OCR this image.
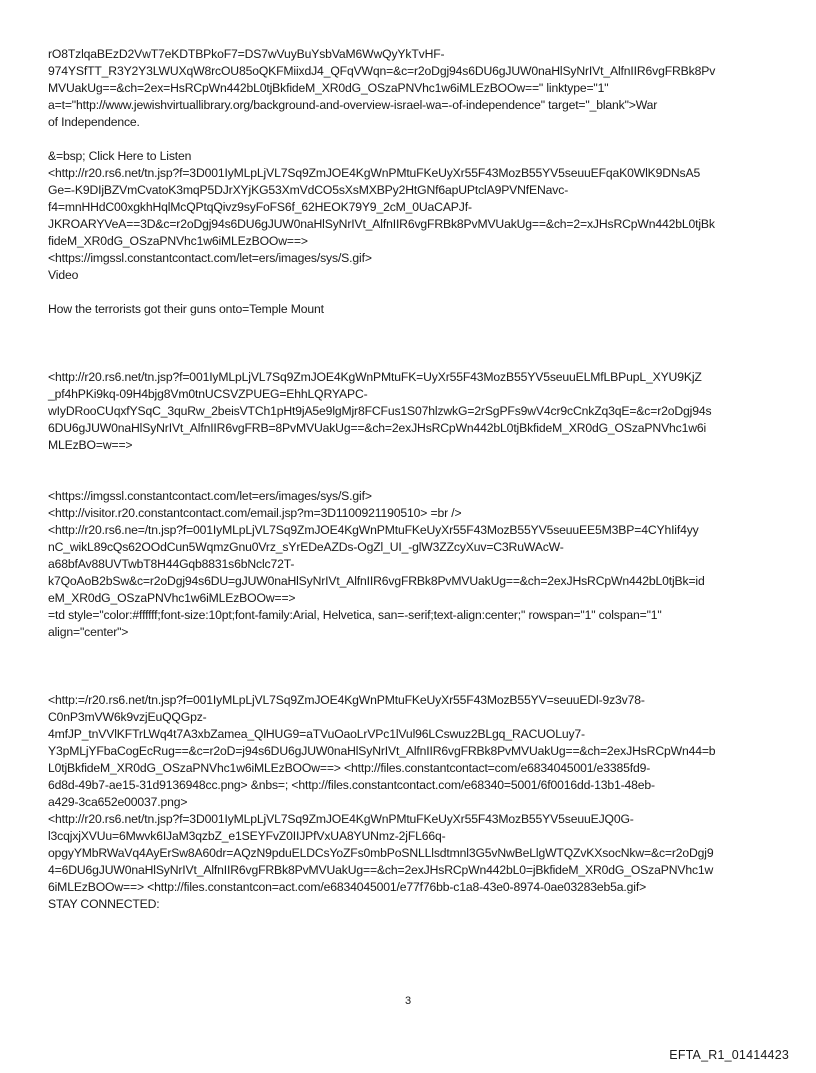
rO8TzlqaBEzD2VwT7eKDTBPkoF7=DS7wVuyBuYsbVaM6WwQyYkTvHF-
974YSfTT_R3Y2Y3LWUXqW8rcOU85oQKFMiixdJ4_QFqVWqn=&c=r2oDgj94s6DU6gJUW0naHlSyNrIVt_AlfnIIR6vgFRBk8Pv
MVUakUg==&ch=2ex=HsRCpWn442bL0tjBkfideM_XR0dG_OSzaPNVhc1w6iMLEzBOOw==" linktype="1"
a=t="http://www.jewishvirtuallibrary.org/background-and-overview-israel-wa=-of-independence" target="_blank">War
of Independence.

&=bsp; Click Here to Listen
<http://r20.rs6.net/tn.jsp?f=3D001IyMLpLjVL7Sq9ZmJOE4KgWnPMtuFKeUyXr55F43MozB55YV5seuuEFqaK0WlK9DNsA5
Ge=-K9DIjBZVmCvatoK3mqP5DJrXYjKG53XmVdCO5sXsMXBPy2HtGNf6apUPtclA9PVNfENavc-
f4=mnHHdC00xgkhHqlMcQPtqQivz9syFoFS6f_62HEOK79Y9_2cM_0UaCAPJf-
JKROARYVeA==3D&c=r2oDgj94s6DU6gJUW0naHlSyNrIVt_AlfnIIR6vgFRBk8PvMVUakUg==&ch=2=xJHsRCpWn442bL0tjBk
fideM_XR0dG_OSzaPNVhc1w6iMLEzBOOw==>
<https://imgssl.constantcontact.com/let=ers/images/sys/S.gif>
Video

How the terrorists got their guns onto=Temple Mount

<http://r20.rs6.net/tn.jsp?f=001IyMLpLjVL7Sq9ZmJOE4KgWnPMtuFK=UyXr55F43MozB55YV5seuuELMfLBPupL_XYU9KjZ
_pf4hPKi9kq-09H4bjg8Vm0tnUCSVZPUEG=EhhLQRYAPC-
wIyDRooCUqxfYSqC_3quRw_2beisVTCh1pHt9jA5e9lgMjr8FCFus1S07hlzwkG=2rSgPFs9wV4cr9cCnkZq3qE=&c=r2oDgj94s
6DU6gJUW0naHlSyNrIVt_AlfnIIR6vgFRB=8PvMVUakUg==&ch=2exJHsRCpWn442bL0tjBkfideM_XR0dG_OSzaPNVhc1w6i
MLEzBO=w==>

<https://imgssl.constantcontact.com/let=ers/images/sys/S.gif>
<http://visitor.r20.constantcontact.com/email.jsp?m=3D1100921190510> =br />
<http://r20.rs6.ne=/tn.jsp?f=001IyMLpLjVL7Sq9ZmJOE4KgWnPMtuFKeUyXr55F43MozB55YV5seuuEE5M3BP=4CYhIif4yy
nC_wikL89cQs62OOdCun5WqmzGnu0Vrz_sYrEDeAZDs-OgZl_UI_-glW3ZZcyXuv=C3RuWAcW-
a68bfAv88UVTwbT8H44Gqb8831s6bNclc72T-
k7QoAoB2bSw&c=r2oDgj94s6DU=gJUW0naHlSyNrIVt_AlfnIIR6vgFRBk8PvMVUakUg==&ch=2exJHsRCpWn442bL0tjBk=id
eM_XR0dG_OSzaPNVhc1w6iMLEzBOOw==>
=td style="color:#ffffff;font-size:10pt;font-family:Arial, Helvetica, san=-serif;text-align:center;" rowspan="1" colspan="1"
align="center">

<http:=/r20.rs6.net/tn.jsp?f=001IyMLpLjVL7Sq9ZmJOE4KgWnPMtuFKeUyXr55F43MozB55YV=seuuEDl-9z3v78-
C0nP3mVW6k9vzjEuQQGpz-
4mfJP_tnVVlKFTrLWq4t7A3xbZamea_QlHUG9=aTVuOaoLrVPc1lVul96LCswuz2BLgq_RACUOLuy7-
Y3pMLjYFbaCogEcRug==&c=r2oD=j94s6DU6gJUW0naHlSyNrIVt_AlfnIIR6vgFRBk8PvMVUakUg==&ch=2exJHsRCpWn44=b
L0tjBkfideM_XR0dG_OSzaPNVhc1w6iMLEzBOOw==> <http://files.constantcontact=com/e6834045001/e3385fd9-
6d8d-49b7-ae15-31d9136948cc.png> &nbs=; <http://files.constantcontact.com/e68340=5001/6f0016dd-13b1-48eb-
a429-3ca652e00037.png>
<http://r20.rs6.net/tn.jsp?f=3D001IyMLpLjVL7Sq9ZmJOE4KgWnPMtuFKeUyXr55F43MozB55YV5seuuEJQ0G-
l3cqjxjXVUu=6Mwvk6IJaM3qzbZ_e1SEYFvZ0IIJPfVxUA8YUNmz-2jFL66q-
opgyYMbRWaVq4AyErSw8A60dr=AQzN9pduELDCsYoZFs0mbPoSNLLlsdtmnl3G5vNwBeLlgWTQZvKXsocNkw=&c=r2oDgj9
4=6DU6gJUW0naHlSyNrIVt_AlfnIIR6vgFRBk8PvMVUakUg==&ch=2exJHsRCpWn442bL0=jBkfideM_XR0dG_OSzaPNVhc1w
6iMLEzBOOw==> <http://files.constantcon=act.com/e6834045001/e77f76bb-c1a8-43e0-8974-0ae03283eb5a.gif>
STAY CONNECTED:

3
EFTA_R1_01414423
